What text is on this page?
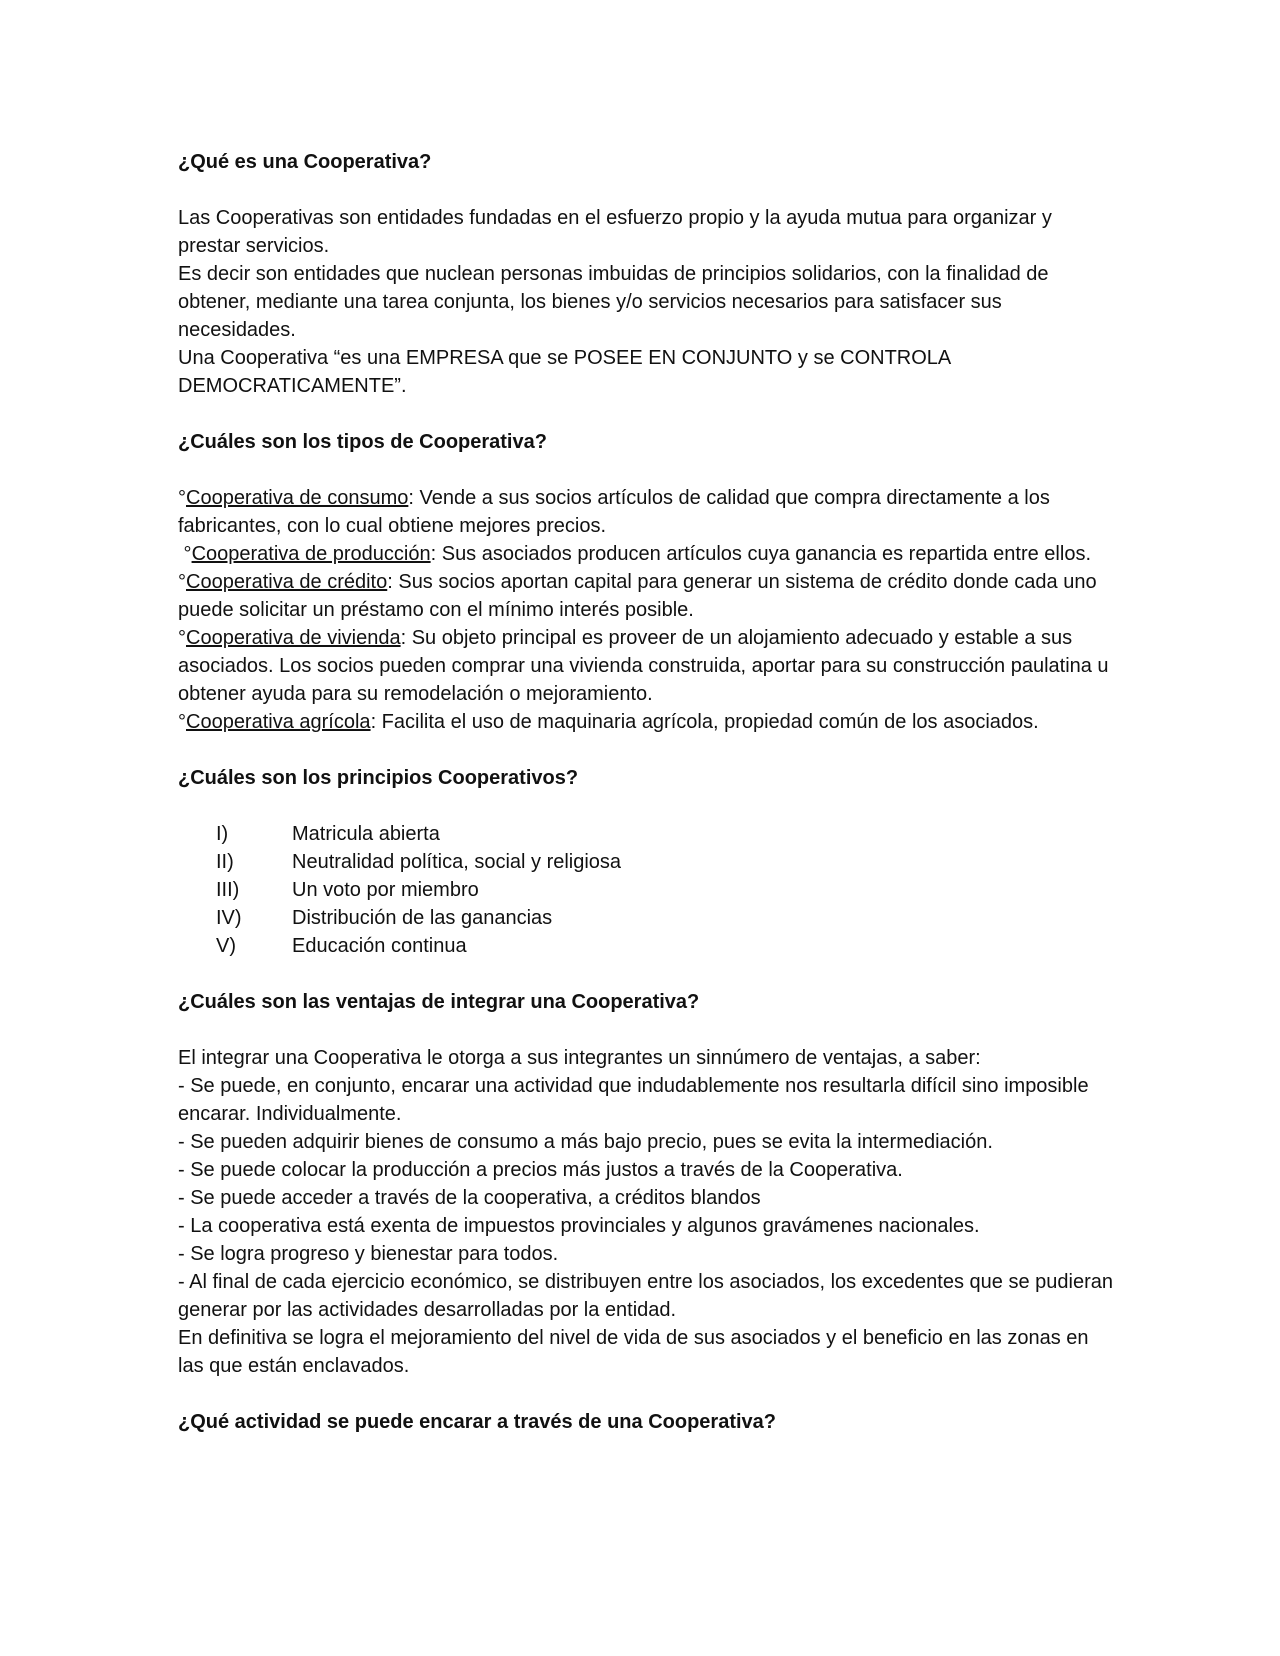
¿Qué es una Cooperativa?

Las Cooperativas son entidades fundadas en el esfuerzo propio y la ayuda mutua para organizar y prestar servicios.

Es decir son entidades que nuclean personas imbuidas de principios solidarios, con la finalidad de obtener, mediante una tarea conjunta, los bienes y/o servicios necesarios para satisfacer sus necesidades.

Una Cooperativa “es una EMPRESA que se POSEE EN CONJUNTO y se CONTROLA DEMOCRATICAMENTE”.

¿Cuáles son los tipos de Cooperativa?

°Cooperativa de consumo: Vende a sus socios artículos de calidad que compra directamente a los fabricantes, con lo cual obtiene mejores precios.

°Cooperativa de producción: Sus asociados producen artículos cuya ganancia es repartida entre ellos.

°Cooperativa de crédito: Sus socios aportan capital para generar un sistema de crédito donde cada uno puede solicitar un préstamo con el mínimo interés posible.

°Cooperativa de vivienda: Su objeto principal es proveer de un alojamiento adecuado y estable a sus asociados. Los socios pueden comprar una vivienda construida, aportar para su construcción paulatina u obtener ayuda para su remodelación o mejoramiento.

°Cooperativa agrícola: Facilita el uso de maquinaria agrícola, propiedad común de los asociados.

¿Cuáles son los principios Cooperativos?

I)	Matricula abierta
II)	Neutralidad política, social y religiosa
III)	Un voto por miembro
IV)	Distribución de las ganancias
V)	Educación continua

¿Cuáles son las ventajas de integrar una Cooperativa?

El integrar una Cooperativa le otorga a sus integrantes un sinnúmero de ventajas, a saber:

- Se puede, en conjunto, encarar una actividad que indudablemente nos resultarla difícil sino imposible encarar. Individualmente.

- Se pueden adquirir bienes de consumo a más bajo precio, pues se evita la intermediación.

- Se puede colocar la producción a precios más justos a través de la Cooperativa.

- Se puede acceder a través de la cooperativa, a créditos blandos

- La cooperativa está exenta de impuestos provinciales y algunos gravámenes nacionales.

- Se logra progreso y bienestar para todos.

- Al final de cada ejercicio económico, se distribuyen entre los asociados, los excedentes que se pudieran generar por las actividades desarrolladas por la entidad.

En definitiva se logra el mejoramiento del nivel de vida de sus asociados y el beneficio en las zonas en las que están enclavados.

¿Qué actividad se puede encarar a través de una Cooperativa?
